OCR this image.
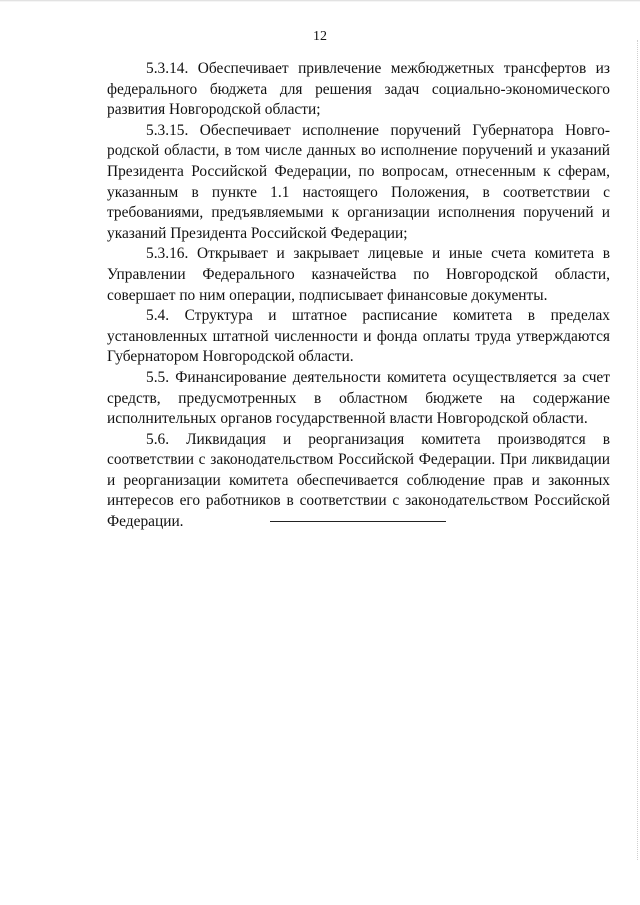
12

5.3.14. Обеспечивает привлечение межбюджетных трансфертов из федерального бюджета для решения задач социально-экономического развития Новгородской области;

5.3.15. Обеспечивает исполнение поручений Губернатора Новгородской области, в том числе данных во исполнение поручений и указаний Президента Российской Федерации, по вопросам, отнесенным к сферам, указанным в пункте 1.1 настоящего Положения, в соответствии с требованиями, предъявляемыми к организации исполнения поручений и указаний Президента Российской Федерации;

5.3.16. Открывает и закрывает лицевые и иные счета комитета в Управлении Федерального казначейства по Новгородской области, совершает по ним операции, подписывает финансовые документы.

5.4. Структура и штатное расписание комитета в пределах установленных штатной численности и фонда оплаты труда утверждаются Губернатором Новгородской области.

5.5. Финансирование деятельности комитета осуществляется за счет средств, предусмотренных в областном бюджете на содержание исполнительных органов государственной власти Новгородской области.

5.6. Ликвидация и реорганизация комитета производятся в соответствии с законодательством Российской Федерации. При ликвидации и реорганизации комитета обеспечивается соблюдение прав и законных интересов его работников в соответствии с законодательством Российской Федерации.
